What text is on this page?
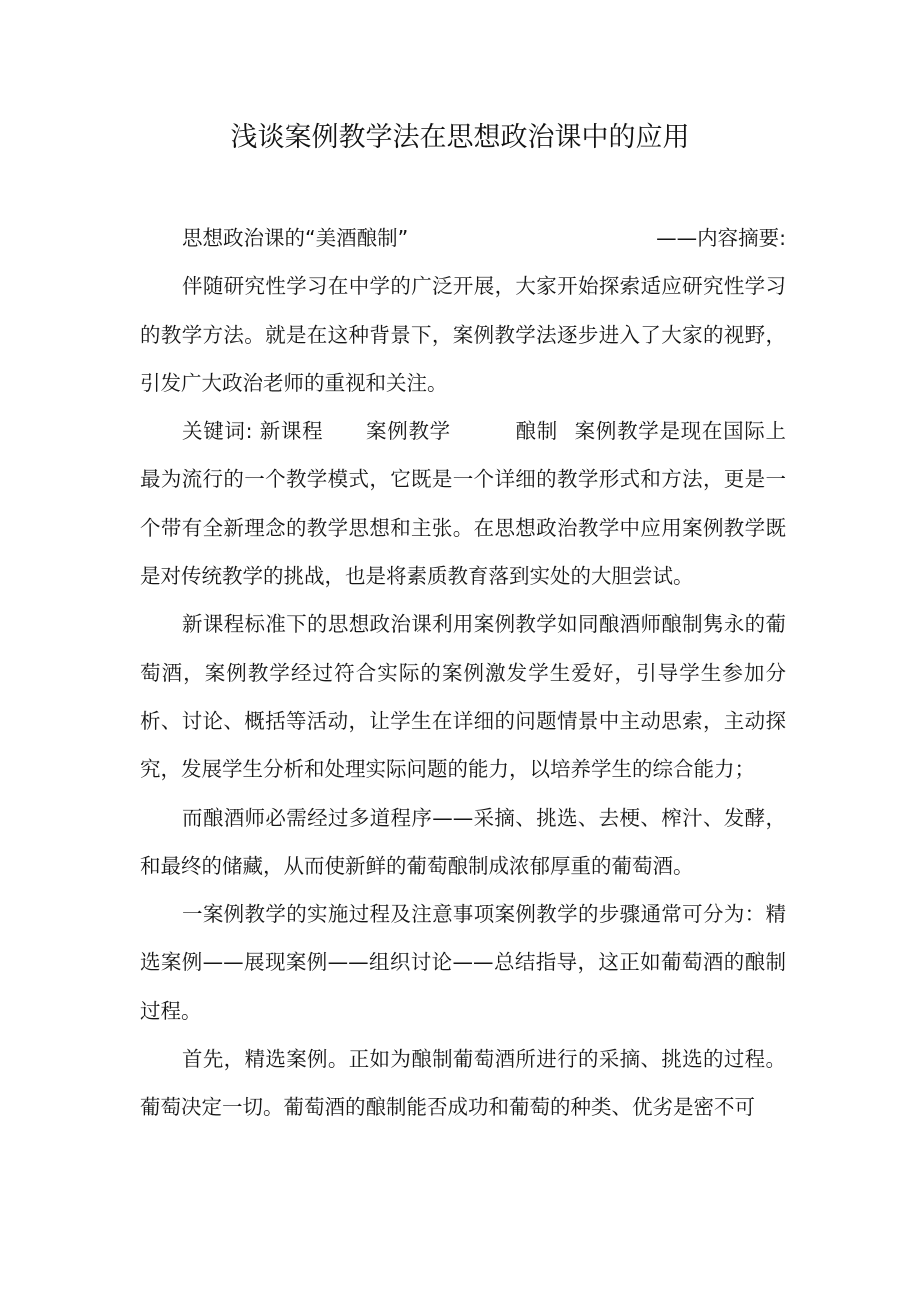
浅谈案例教学法在思想政治课中的应用

思想政治课的“美酒酿制”	——内容摘要:

伴随研究性学习在中学的广泛开展，大家开始探索适应研究性学习的教学方法。就是在这种背景下，案例教学法逐步进入了大家的视野，引发广大政治老师的重视和关注。

关键词: 新课程 案例教学	酿制 案例教学是现在国际上最为流行的一个教学模式，它既是一个详细的教学形式和方法，更是一个带有全新理念的教学思想和主张。在思想政治教学中应用案例教学既是对传统教学的挑战，也是将素质教育落到实处的大胆尝试。

新课程标准下的思想政治课利用案例教学如同酿酒师酿制隽永的葡萄酒，案例教学经过符合实际的案例激发学生爱好，引导学生参加分析、讨论、概括等活动，让学生在详细的问题情景中主动思索，主动探究，发展学生分析和处理实际问题的能力，以培养学生的综合能力；

而酿酒师必需经过多道程序——采摘、挑选、去梗、榨汁、发酵，和最终的储藏，从而使新鲜的葡萄酿制成浓郁厚重的葡萄酒。

一案例教学的实施过程及注意事项案例教学的步骤通常可分为：精选案例——展现案例——组织讨论——总结指导，这正如葡萄酒的酿制过程。

首先，精选案例。正如为酿制葡萄酒所进行的采摘、挑选的过程。葡萄决定一切。葡萄酒的酿制能否成功和葡萄的种类、优劣是密不可
